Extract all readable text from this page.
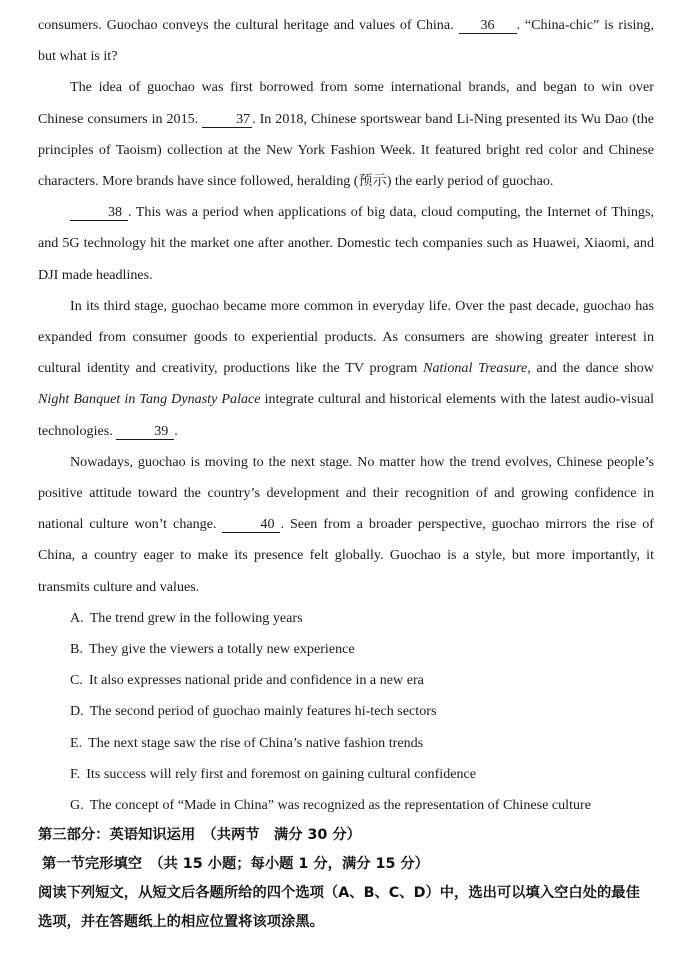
consumers. Guochao conveys the cultural heritage and values of China. 36 . “China-chic” is rising, but what is it?

The idea of guochao was first borrowed from some international brands, and began to win over Chinese consumers in 2015. 37 . In 2018, Chinese sportswear band Li-Ning presented its Wu Dao (the principles of Taoism) collection at the New York Fashion Week. It featured bright red color and Chinese characters. More brands have since followed, heralding (预示) the early period of guochao.

38 . This was a period when applications of big data, cloud computing, the Internet of Things, and 5G technology hit the market one after another. Domestic tech companies such as Huawei, Xiaomi, and DJI made headlines.

In its third stage, guochao became more common in everyday life. Over the past decade, guochao has expanded from consumer goods to experiential products. As consumers are showing greater interest in cultural identity and creativity, productions like the TV program National Treasure, and the dance show Night Banquet in Tang Dynasty Palace integrate cultural and historical elements with the latest audio-visual technologies.	39 .

Nowadays, guochao is moving to the next stage. No matter how the trend evolves, Chinese people’s positive attitude toward the country’s development and their recognition of and growing confidence in national culture won’t change.	40 . Seen from a broader perspective, guochao mirrors the rise of China, a country eager to make its presence felt globally. Guochao is a style, but more importantly, it transmits culture and values.

A. The trend grew in the following years
B. They give the viewers a totally new experience
C. It also expresses national pride and confidence in a new era
D. The second period of guochao mainly features hi-tech sectors
E. The next stage saw the rise of China’s native fashion trends
F. Its success will rely first and foremost on gaining cultural confidence
G. The concept of “Made in China” was recognized as the representation of Chinese culture
第三部分：英语知识运用　（共两节　满分 30 分）
第一节完形填空　（共 15 小题；每小题 1 分，满分 15 分）
阅读下列短文，从短文后各题所给的四个选项（A、B、C、D）中，选出可以填入空白处的最佳选项，并在答题纸上的相应位置将该项涂黑。
